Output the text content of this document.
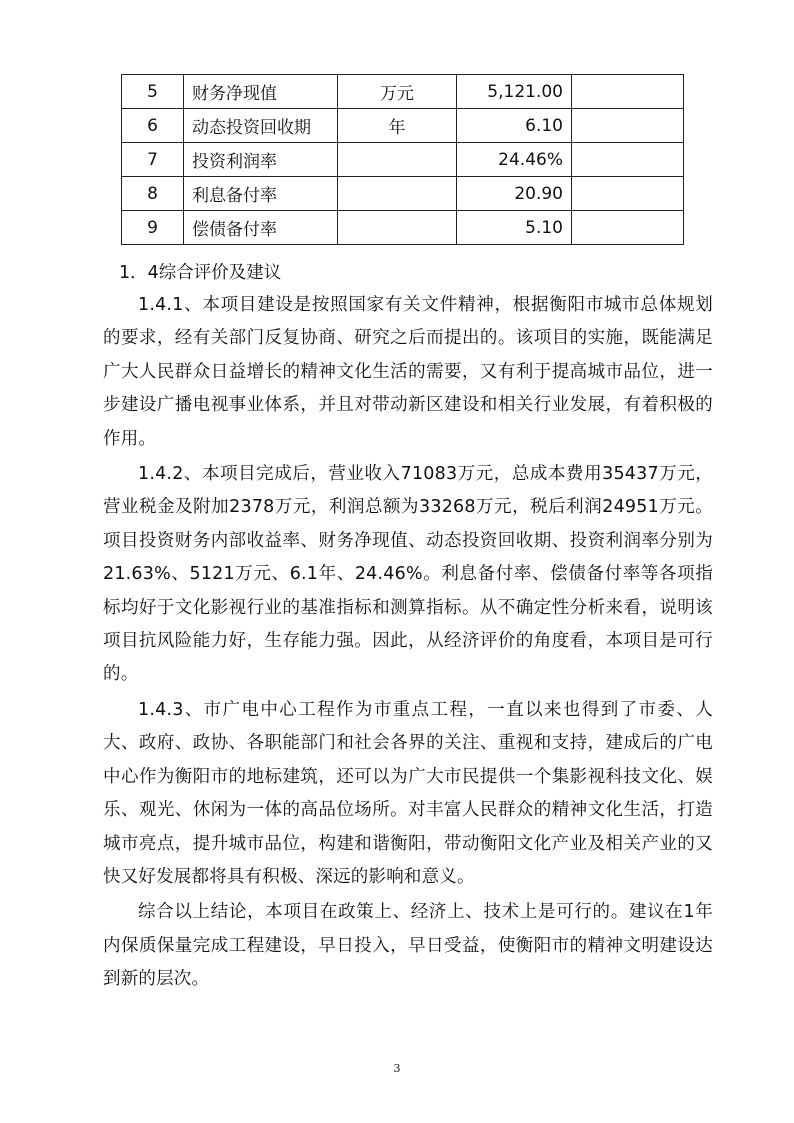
5	财务净现值	万元	5,121.00	
6	动态投资回收期	年	6.10	
7	投资利润率		24.46%	
8	利息备付率		20.90	
9	偿债备付率		5.10	
1．4综合评价及建议

1.4.1、本项目建设是按照国家有关文件精神，根据衡阳市城市总体规划的要求，经有关部门反复协商、研究之后而提出的。该项目的实施，既能满足广大人民群众日益增长的精神文化生活的需要，又有利于提高城市品位，进一步建设广播电视事业体系，并且对带动新区建设和相关行业发展，有着积极的作用。

1.4.2、本项目完成后，营业收入71083万元，总成本费用35437万元，营业税金及附加2378万元，利润总额为33268万元，税后利润24951万元。项目投资财务内部收益率、财务净现值、动态投资回收期、投资利润率分别为21.63%、5121万元、6.1年、24.46%。利息备付率、偿债备付率等各项指标均好于文化影视行业的基准指标和测算指标。从不确定性分析来看，说明该项目抗风险能力好，生存能力强。因此，从经济评价的角度看，本项目是可行的。

1.4.3、市广电中心工程作为市重点工程，一直以来也得到了市委、人大、政府、政协、各职能部门和社会各界的关注、重视和支持，建成后的广电中心作为衡阳市的地标建筑，还可以为广大市民提供一个集影视科技文化、娱乐、观光、休闲为一体的高品位场所。对丰富人民群众的精神文化生活，打造城市亮点，提升城市品位，构建和谐衡阳，带动衡阳文化产业及相关产业的又快又好发展都将具有积极、深远的影响和意义。

综合以上结论，本项目在政策上、经济上、技术上是可行的。建议在1年内保质保量完成工程建设，早日投入，早日受益，使衡阳市的精神文明建设达到新的层次。

3
